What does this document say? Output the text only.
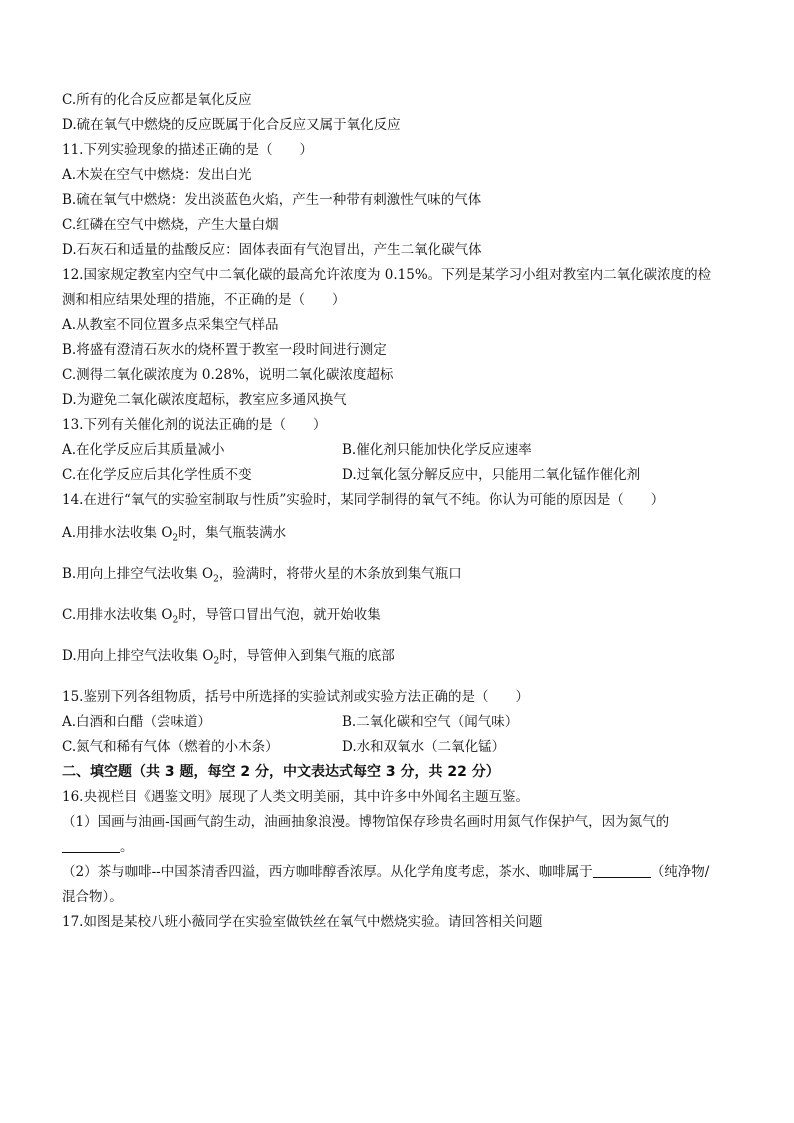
C.所有的化合反应都是氧化反应
D.硫在氧气中燃烧的反应既属于化合反应又属于氧化反应
11.下列实验现象的描述正确的是（　　）
A.木炭在空气中燃烧：发出白光
B.硫在氧气中燃烧：发出淡蓝色火焰，产生一种带有刺激性气味的气体
C.红磷在空气中燃烧，产生大量白烟
D.石灰石和适量的盐酸反应：固体表面有气泡冒出，产生二氧化碳气体
12.国家规定教室内空气中二氧化碳的最高允许浓度为 0.15%。下列是某学习小组对教室内二氧化碳浓度的检
测和相应结果处理的措施，不正确的是（　　）
A.从教室不同位置多点采集空气样品
B.将盛有澄清石灰水的烧杯置于教室一段时间进行测定
C.测得二氧化碳浓度为 0.28%，说明二氧化碳浓度超标
D.为避免二氧化碳浓度超标，教室应多通风换气
13.下列有关催化剂的说法正确的是（　　）
A.在化学反应后其质量减小	B.催化剂只能加快化学反应速率
C.在化学反应后其化学性质不变	D.过氧化氢分解反应中，只能用二氧化锰作催化剂
14.在进行“氧气的实验室制取与性质”实验时，某同学制得的氧气不纯。你认为可能的原因是（　　）
A.用排水法收集 $O_2$时，集气瓶装满水
B.用向上排空气法收集 $O_2$，验满时，将带火星的木条放到集气瓶口
C.用排水法收集 $O_2$时，导管口冒出气泡，就开始收集
D.用向上排空气法收集 $O_2$时，导管伸入到集气瓶的底部
15.鉴别下列各组物质，括号中所选择的实验试剂或实验方法正确的是（　　）
A.白酒和白醋（尝味道）	B.二氧化碳和空气（闻气味）
C.氮气和稀有气体（燃着的小木条）	D.水和双氧水（二氧化锰）
二、填空题（共 3 题，每空 2 分，中文表达式每空 3 分，共 22 分）
16.央视栏目《遇鉴文明》展现了人类文明美丽，其中许多中外闻名主题互鉴。
（1）国画与油画-国画气韵生动，油画抽象浪漫。博物馆保存珍贵名画时用氮气作保护气，因为氮气的
。
（2）茶与咖啡--中国茶清香四溢，西方咖啡醇香浓厚。从化学角度考虑，茶水、咖啡属于	（纯净物/
混合物）。
17.如图是某校八班小薇同学在实验室做铁丝在氧气中燃烧实验。请回答相关问题
